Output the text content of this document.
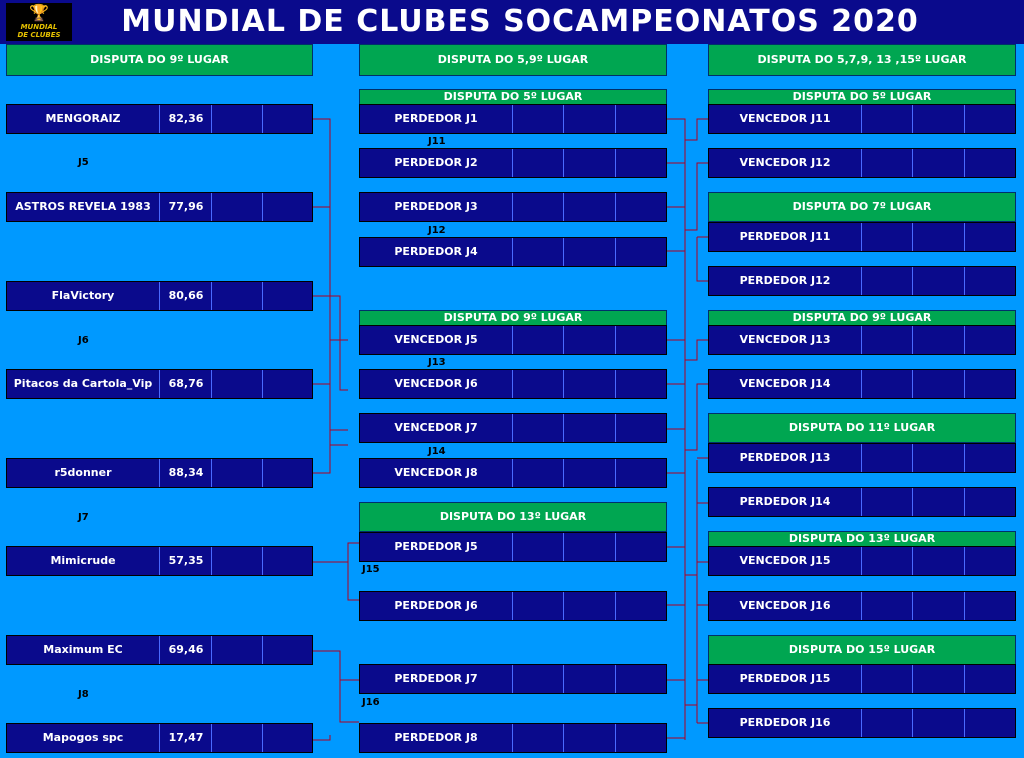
🏆
MUNDIAL
DE CLUBES	MUNDIAL DE CLUBES SOCAMPEONATOS 2020
DISPUTA DO 9º LUGAR	DISPUTA DO 5,9º LUGAR	DISPUTA DO 5,7,9, 13 ,15º LUGAR
MENGORAIZ	82,36
ASTROS REVELA 1983	77,96
FlaVictory	80,66
Pitacos da Cartola_Vip	68,76
r5donner	88,34
Mimicrude	57,35
Maximum EC	69,46
Mapogos spc	17,47
J5
J6
J7
J8
DISPUTA DO 5º LUGAR
DISPUTA DO 9º LUGAR
DISPUTA DO 13º LUGAR
PERDEDOR J1
PERDEDOR J2
PERDEDOR J3
PERDEDOR J4
VENCEDOR J5
VENCEDOR J6
VENCEDOR J7
VENCEDOR J8
PERDEDOR J5
PERDEDOR J6
PERDEDOR J7
PERDEDOR J8
J11
J12
J13
J14
J15
J16
DISPUTA DO 5º LUGAR
DISPUTA DO 7º LUGAR
DISPUTA DO 9º LUGAR
DISPUTA DO 11º LUGAR
DISPUTA DO 13º LUGAR
DISPUTA DO 15º LUGAR
VENCEDOR J11
VENCEDOR J12
PERDEDOR J11
PERDEDOR J12
VENCEDOR J13
VENCEDOR J14
PERDEDOR J13
PERDEDOR J14
VENCEDOR J15
VENCEDOR J16
PERDEDOR J15
PERDEDOR J16
